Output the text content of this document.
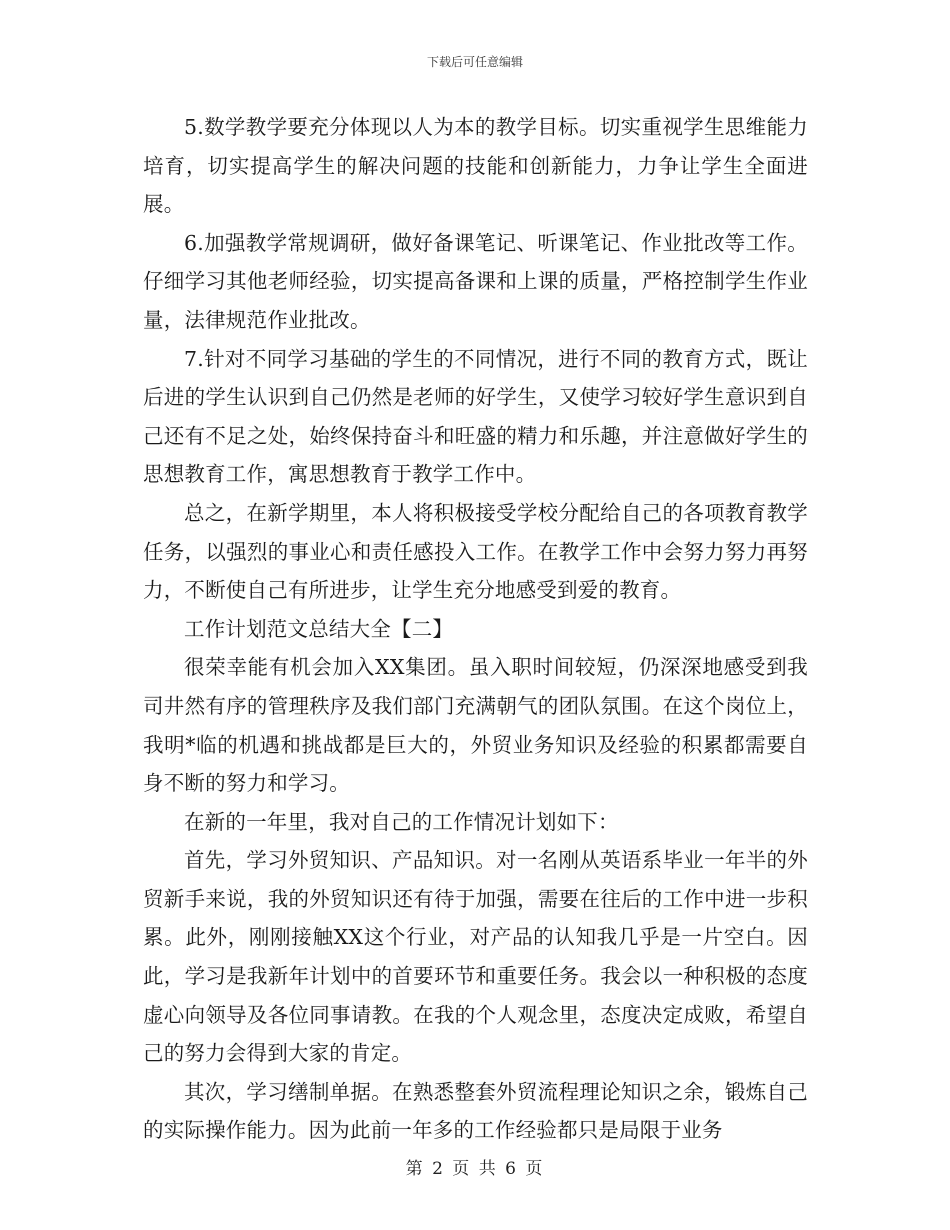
下载后可任意编辑

5.数学教学要充分体现以人为本的教学目标。切实重视学生思维能力培育，切实提高学生的解决问题的技能和创新能力，力争让学生全面进展。

6.加强教学常规调研，做好备课笔记、听课笔记、作业批改等工作。仔细学习其他老师经验，切实提高备课和上课的质量，严格控制学生作业量，法律规范作业批改。

7.针对不同学习基础的学生的不同情况，进行不同的教育方式，既让后进的学生认识到自己仍然是老师的好学生，又使学习较好学生意识到自己还有不足之处，始终保持奋斗和旺盛的精力和乐趣，并注意做好学生的思想教育工作，寓思想教育于教学工作中。

总之，在新学期里，本人将积极接受学校分配给自己的各项教育教学任务，以强烈的事业心和责任感投入工作。在教学工作中会努力努力再努力，不断使自己有所进步，让学生充分地感受到爱的教育。

工作计划范文总结大全【二】

很荣幸能有机会加入XX集团。虽入职时间较短，仍深深地感受到我司井然有序的管理秩序及我们部门充满朝气的团队氛围。在这个岗位上，我明*临的机遇和挑战都是巨大的，外贸业务知识及经验的积累都需要自身不断的努力和学习。

在新的一年里，我对自己的工作情况计划如下：

首先，学习外贸知识、产品知识。对一名刚从英语系毕业一年半的外贸新手来说，我的外贸知识还有待于加强，需要在往后的工作中进一步积累。此外，刚刚接触XX这个行业，对产品的认知我几乎是一片空白。因此，学习是我新年计划中的首要环节和重要任务。我会以一种积极的态度虚心向领导及各位同事请教。在我的个人观念里，态度决定成败，希望自己的努力会得到大家的肯定。

其次，学习缮制单据。在熟悉整套外贸流程理论知识之余，锻炼自己的实际操作能力。因为此前一年多的工作经验都只是局限于业务

第 2 页 共 6 页
